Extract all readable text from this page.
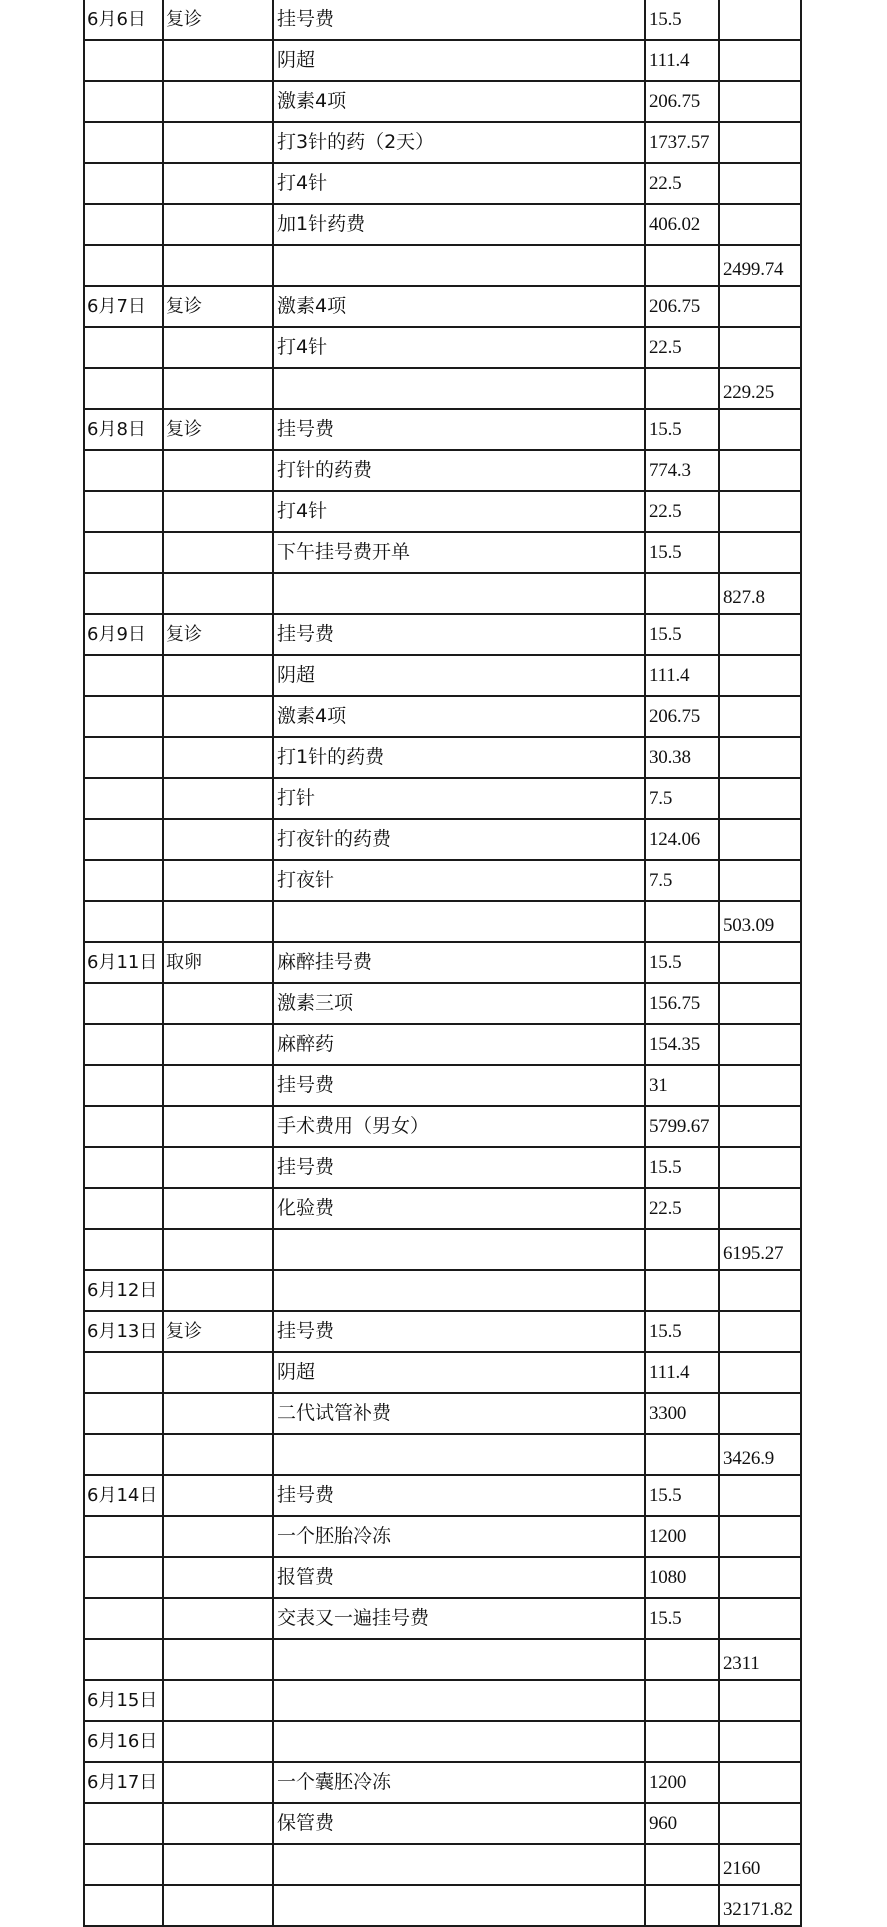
6月6日	复诊	挂号费	15.5	
		阴超	111.4	
		激素4项	206.75	
		打3针的药（2天）	1737.57	
		打4针	22.5	
		加1针药费	406.02	
				2499.74
6月7日	复诊	激素4项	206.75	
		打4针	22.5	
				229.25
6月8日	复诊	挂号费	15.5	
		打针的药费	774.3	
		打4针	22.5	
		下午挂号费开单	15.5	
				827.8
6月9日	复诊	挂号费	15.5	
		阴超	111.4	
		激素4项	206.75	
		打1针的药费	30.38	
		打针	7.5	
		打夜针的药费	124.06	
		打夜针	7.5	
				503.09
6月11日	取卵	麻醉挂号费	15.5	
		激素三项	156.75	
		麻醉药	154.35	
		挂号费	31	
		手术费用（男女）	5799.67	
		挂号费	15.5	
		化验费	22.5	
				6195.27
6月12日				
6月13日	复诊	挂号费	15.5	
		阴超	111.4	
		二代试管补费	3300	
				3426.9
6月14日		挂号费	15.5	
		一个胚胎冷冻	1200	
		报管费	1080	
		交表又一遍挂号费	15.5	
				2311
6月15日				
6月16日				
6月17日		一个囊胚冷冻	1200	
		保管费	960	
				2160
				32171.82
